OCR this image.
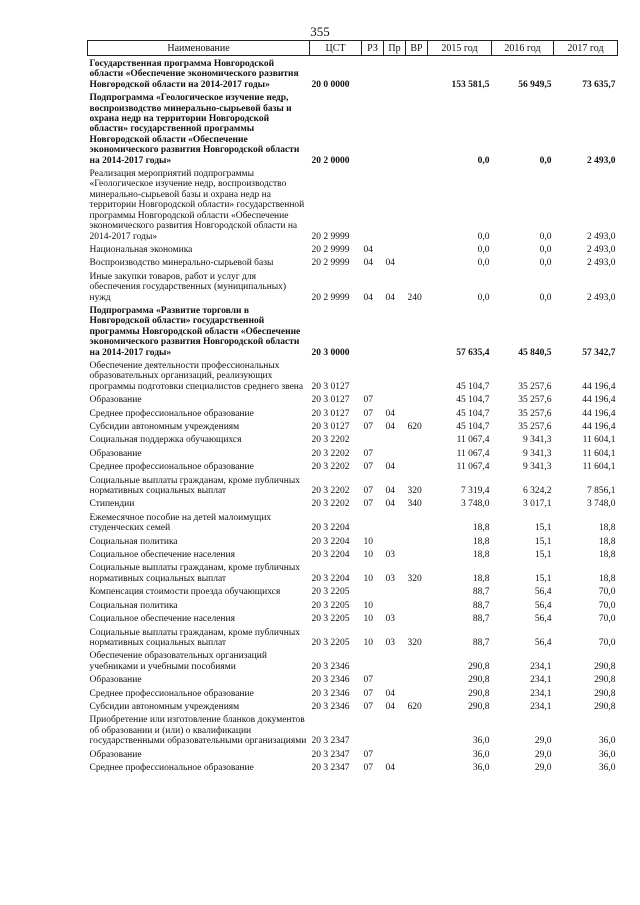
355
Наименование	ЦСТ	РЗ	Пр	ВР	2015 год	2016 год	2017 год
Государственная программа Новгородской области «Обеспечение экономического развития Новгородской области на 2014-2017 годы»	20 0 0000				153 581,5	56 949,5	73 635,7
Подпрограмма «Геологическое изучение недр, воспроизводство минерально-сырьевой базы и охрана недр на территории Новгородской области» государственной программы Новгородской области «Обеспечение экономического развития Новгородской области на 2014-2017 годы»	20 2 0000				0,0	0,0	2 493,0
Реализация мероприятий подпрограммы «Геологическое изучение недр, воспроизводство минерально-сырьевой базы и охрана недр на территории Новгородской области» государственной программы Новгородской области «Обеспечение экономического развития Новгородской области на 2014-2017 годы»	20 2 9999				0,0	0,0	2 493,0
Национальная экономика	20 2 9999	04			0,0	0,0	2 493,0
Воспроизводство минерально-сырьевой базы	20 2 9999	04	04		0,0	0,0	2 493,0
Иные закупки товаров, работ и услуг для обеспечения государственных (муниципальных) нужд	20 2 9999	04	04	240	0,0	0,0	2 493,0
Подпрограмма «Развитие торговли в Новгородской области» государственной программы Новгородской области «Обеспечение экономического развития Новгородской области на 2014-2017 годы»	20 3 0000				57 635,4	45 840,5	57 342,7
Обеспечение деятельности профессиональных образовательных организаций, реализующих программы подготовки специалистов среднего звена	20 3 0127				45 104,7	35 257,6	44 196,4
Образование	20 3 0127	07			45 104,7	35 257,6	44 196,4
Среднее профессиональное образование	20 3 0127	07	04		45 104,7	35 257,6	44 196,4
Субсидии автономным учреждениям	20 3 0127	07	04	620	45 104,7	35 257,6	44 196,4
Социальная поддержка обучающихся	20 3 2202				11 067,4	9 341,3	11 604,1
Образование	20 3 2202	07			11 067,4	9 341,3	11 604,1
Среднее профессиональное образование	20 3 2202	07	04		11 067,4	9 341,3	11 604,1
Социальные выплаты гражданам, кроме публичных нормативных социальных выплат	20 3 2202	07	04	320	7 319,4	6 324,2	7 856,1
Стипендии	20 3 2202	07	04	340	3 748,0	3 017,1	3 748,0
Ежемесячное пособие на детей малоимущих студенческих семей	20 3 2204				18,8	15,1	18,8
Социальная политика	20 3 2204	10			18,8	15,1	18,8
Социальное обеспечение населения	20 3 2204	10	03		18,8	15,1	18,8
Социальные выплаты гражданам, кроме публичных нормативных социальных выплат	20 3 2204	10	03	320	18,8	15,1	18,8
Компенсация стоимости проезда обучающихся	20 3 2205				88,7	56,4	70,0
Социальная политика	20 3 2205	10			88,7	56,4	70,0
Социальное обеспечение населения	20 3 2205	10	03		88,7	56,4	70,0
Социальные выплаты гражданам, кроме публичных нормативных социальных выплат	20 3 2205	10	03	320	88,7	56,4	70,0
Обеспечение образовательных организаций учебниками и учебными пособиями	20 3 2346				290,8	234,1	290,8
Образование	20 3 2346	07			290,8	234,1	290,8
Среднее профессиональное образование	20 3 2346	07	04		290,8	234,1	290,8
Субсидии автономным учреждениям	20 3 2346	07	04	620	290,8	234,1	290,8
Приобретение или изготовление бланков документов об образовании и (или) о квалификации государственными образовательными организациями	20 3 2347				36,0	29,0	36,0
Образование	20 3 2347	07			36,0	29,0	36,0
Среднее профессиональное образование	20 3 2347	07	04		36,0	29,0	36,0
